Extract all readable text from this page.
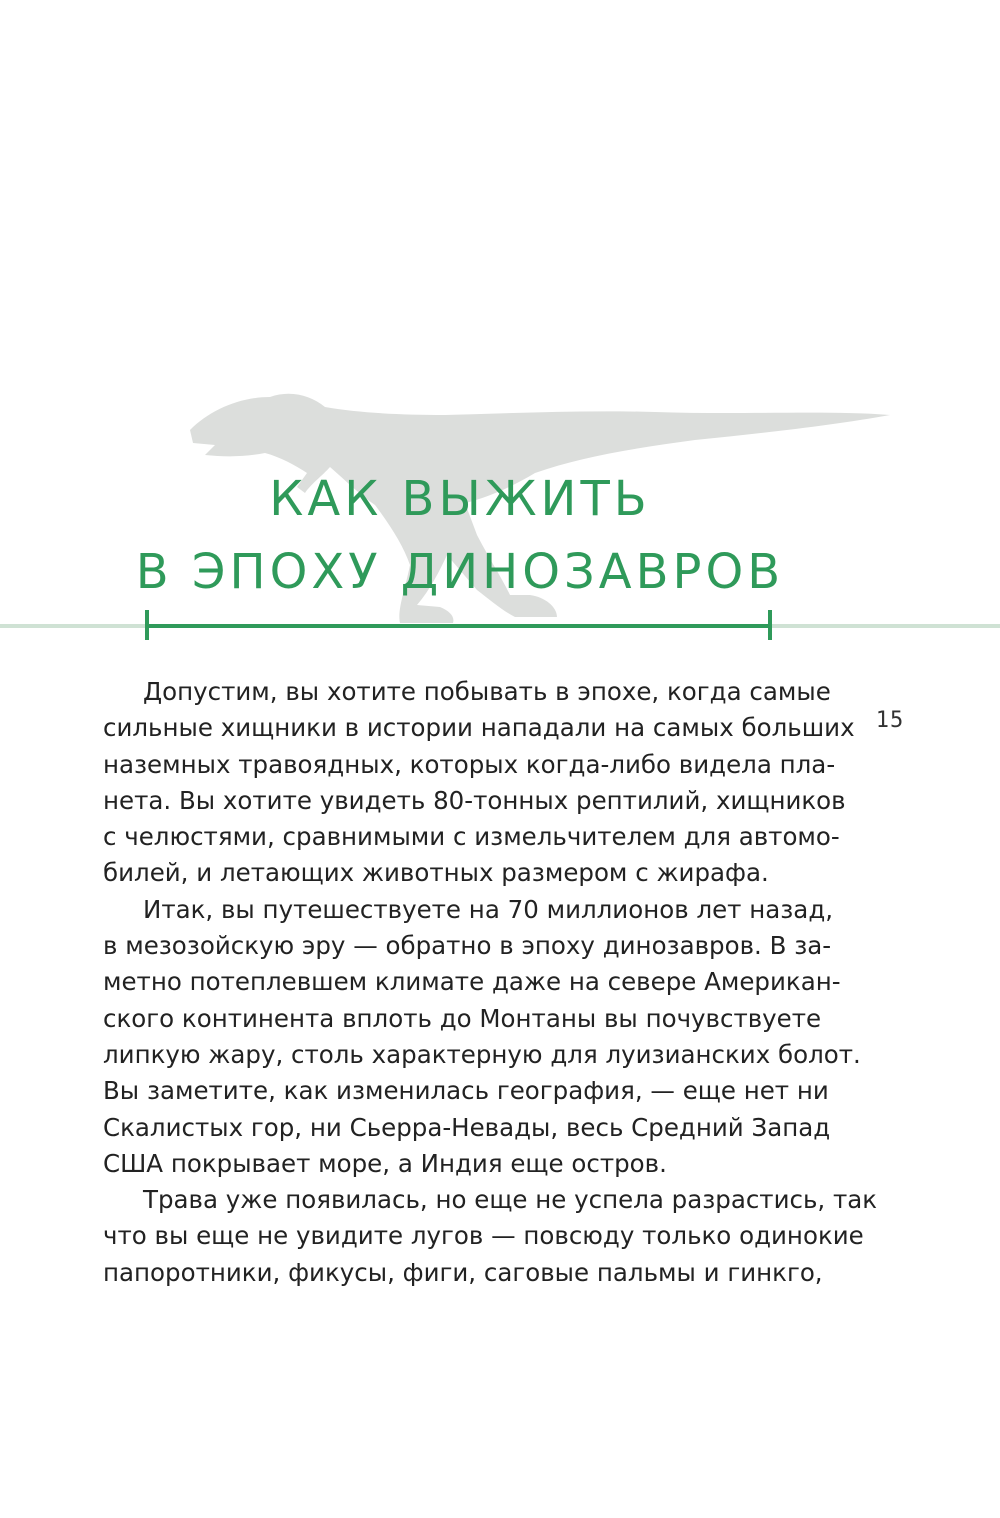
КАК ВЫЖИТЬ
В ЭПОХУ ДИНОЗАВРОВ
15
Допустим, вы хотите побывать в эпохе, когда самые
сильные хищники в истории нападали на самых больших
наземных травоядных, которых когда-либо видела пла-
нета. Вы хотите увидеть 80-тонных рептилий, хищников
с челюстями, сравнимыми с измельчителем для автомо-
билей, и летающих животных размером с жирафа.
Итак, вы путешествуете на 70 миллионов лет назад,
в мезозойскую эру — обратно в эпоху динозавров. В за-
метно потеплевшем климате даже на севере Американ-
ского континента вплоть до Монтаны вы почувствуете
липкую жару, столь характерную для луизианских болот.
Вы заметите, как изменилась география, — еще нет ни
Скалистых гор, ни Сьерра-Невады, весь Средний Запад
США покрывает море, а Индия еще остров.
Трава уже появилась, но еще не успела разрастись, так
что вы еще не увидите лугов — повсюду только одинокие
папоротники, фикусы, фиги, саговые пальмы и гинкго,
